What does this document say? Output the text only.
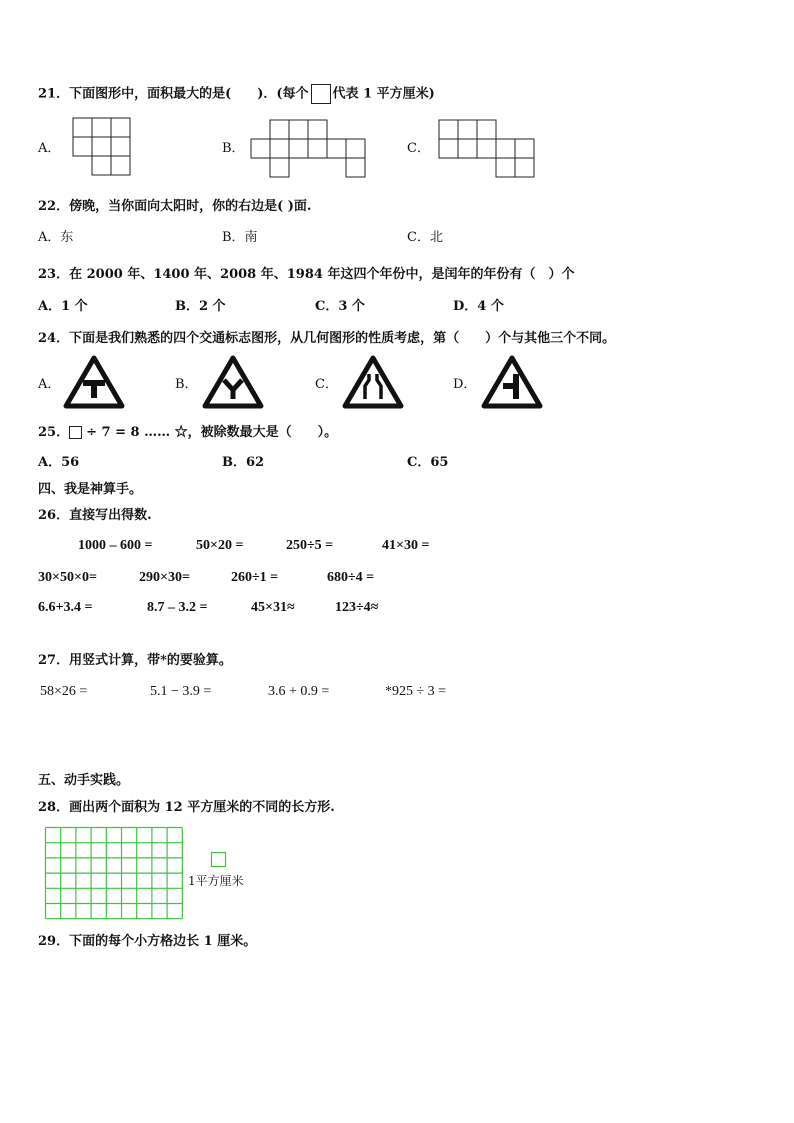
21．下面图形中，面积最大的是(　　)．(每个 代表 1 平方厘米)
A．	B．	C．
22．傍晚，当你面向太阳时，你的右边是( )面.
A．东	B．南	C．北
23．在 2000 年、1400 年、2008 年、1984 年这四个年份中，是闰年的年份有（　）个
A．1 个	B．2 个	C．3 个	D．4 个
24．下面是我们熟悉的四个交通标志图形，从几何图形的性质考虑，第（　　）个与其他三个不同。
A．	B．	C．	D．
25． ÷ 7 = 8 …… ☆，被除数最大是（　　）。
A．56	B．62	C．65
四、我是神算手。
26．直接写出得数.
1000 – 600 =	50×20 =	250÷5 =	41×30 =
30×50×0=	290×30=	260÷1 =	680÷4 =
6.6+3.4 =	8.7 – 3.2 =	45×31≈	123÷4≈
27．用竖式计算，带*的要验算。
58×26 =	5.1 − 3.9 =	3.6 + 0.9 =	*925 ÷ 3 =
五、动手实践。
28．画出两个面积为 12 平方厘米的不同的长方形.
1平方厘米
29．下面的每个小方格边长 1 厘米。
